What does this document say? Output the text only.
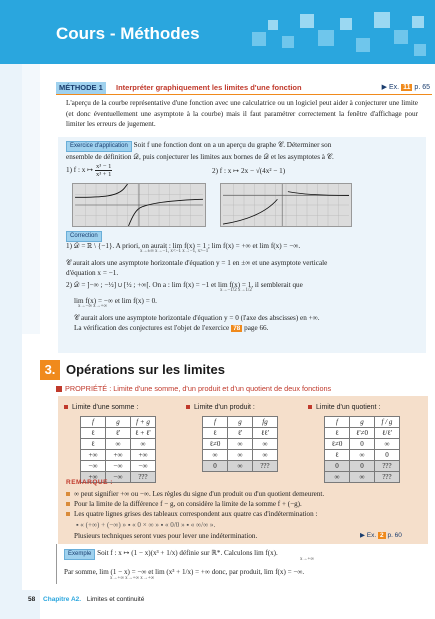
Cours - Méthodes
MÉTHODE 1	Interpréter graphiquement les limites d'une fonction	▶ Ex. 11 p. 65
L'aperçu de la courbe représentative d'une fonction avec une calculatrice ou un logiciel peut aider à conjecturer une limite (et donc éventuellement une asymptote à la courbe) mais il faut paramétrer correctement la fenêtre d'affichage pour limiter les erreurs de jugement.
Exercice d'application Soit f une fonction dont on a un aperçu du graphe 𝒞. Déterminer son
ensemble de définition 𝒟, puis conjecturer les limites aux bornes de 𝒟 et les asymptotes à 𝒞.
1) f : x ↦ $\frac{\text{x³ − 1}}{\text{x³ + 1}}$	2) f : x ↦ 2x − √(4x² − 1)
Correction
1) 𝒟 = ℝ \ {−1}. A priori, on aurait : lim f(x) = 1 ; lim f(x) = +∞ et lim f(x) = −∞.
x→±∞ x→−1, x<−1 x→−1, x>−1
𝒞 aurait alors une asymptote horizontale d'équation y = 1 en ±∞ et une asymptote verticale
d'équation x = −1.
2) 𝒟 = ]−∞ ; −½] ∪ [½ ; +∞[. On a : lim f(x) = −1 et lim f(x) = 1, il semblerait que
x→−1/2 x→1/2
lim f(x) = −∞ et lim f(x) = 0.
x→−∞ x→+∞
𝒞 aurait alors une asymptote horizontale d'équation y = 0 (l'axe des abscisses) en +∞.
La vérification des conjectures est l'objet de l'exercice 78 page 66.
3. Opérations sur les limites
PROPRIÉTÉ : Limite d'une somme, d'un produit et d'un quotient de deux fonctions
Limite d'une somme :
f	g	f + g
ℓ	ℓ'	ℓ + ℓ'
ℓ	∞	∞
+∞	+∞	+∞
−∞	−∞	−∞
+∞	−∞	???
Limite d'un produit :
f	g	fg
ℓ	ℓ'	ℓℓ'
ℓ≠0	∞	∞
∞	∞	∞
0	∞	???
Limite d'un quotient :
f	g	f / g
ℓ	ℓ'≠0	ℓ/ℓ'
ℓ≠0	0	∞
ℓ	∞	0
0	0	???
∞	∞	???
REMARQUE :
∞ peut signifier +∞ ou −∞. Les règles du signe d'un produit ou d'un quotient demeurent.
Pour la limite de la différence f − g, on considère la limite de la somme f + (−g).
Les quatre lignes grises des tableaux correspondent aux quatre cas d'indétermination :
▪ « (+∞) + (−∞) » ▪ « 0 × ∞ » ▪ « 0/0 » ▪ « ∞/∞ ».
Plusieurs techniques seront vues pour lever une indétermination.	▶ Ex. 2 p. 60
Exemple Soit f : x ↦ (1 − x)(x³ + 1/x) définie sur ℝ*. Calculons lim f(x).
x→+∞
Par somme, lim (1 − x) = −∞ et lim (x³ + 1/x) = +∞ donc, par produit, lim f(x) = −∞.
x→+∞ x→+∞ x→+∞
58 Chapitre A2. Limites et continuité
